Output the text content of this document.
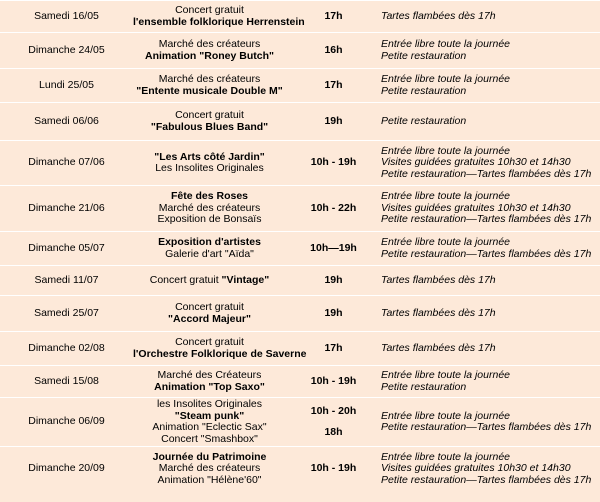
Samedi 16/05	Concert gratuit
l'ensemble folklorique Herrenstein	17h	Tartes flambées dès 17h

Dimanche 24/05	Marché des créateurs
Animation "Roney Butch"	16h	Entrée libre toute la journée
Petite restauration

Lundi 25/05	Marché des créateurs
"Entente musicale Double M"	17h	Entrée libre toute la journée
Petite restauration

Samedi 06/06	Concert gratuit
"Fabulous Blues Band"	19h	Petite restauration

Dimanche 07/06	"Les Arts côté Jardin"
Les Insolites Originales	10h - 19h	Entrée libre toute la journée
Visites guidées gratuites 10h30 et 14h30
Petite restauration—Tartes flambées dès 17h

Dimanche 21/06	Fête des Roses
Marché des créateurs
Exposition de Bonsaïs	10h - 22h	Entrée libre toute la journée
Visites guidées gratuites 10h30 et 14h30
Petite restauration—Tartes flambées dès 17h

Dimanche 05/07	Exposition d'artistes
Galerie d'art "Aïda"	10h—19h	Entrée libre toute la journée
Petite restauration—Tartes flambées dès 17h

Samedi 11/07	Concert gratuit "Vintage"	19h	Tartes flambées dès 17h

Samedi 25/07	Concert gratuit
"Accord Majeur"	19h	Tartes flambées dès 17h

Dimanche 02/08	Concert gratuit
l'Orchestre Folklorique de Saverne	17h	Tartes flambées dès 17h

Samedi 15/08	Marché des Créateurs
Animation "Top Saxo"	10h - 19h	Entrée libre toute la journée
Petite restauration

Dimanche 06/09	les Insolites Originales
"Steam punk"
Animation "Eclectic Sax"
Concert "Smashbox"	10h - 20h
18h	Entrée libre toute la journée
Petite restauration—Tartes flambées dès 17h

Dimanche 20/09	Journée du Patrimoine
Marché des créateurs
Animation "Hélène'60"	10h - 19h	Entrée libre toute la journée
Visites guidées gratuites 10h30 et 14h30
Petite restauration—Tartes flambées dès 17h
